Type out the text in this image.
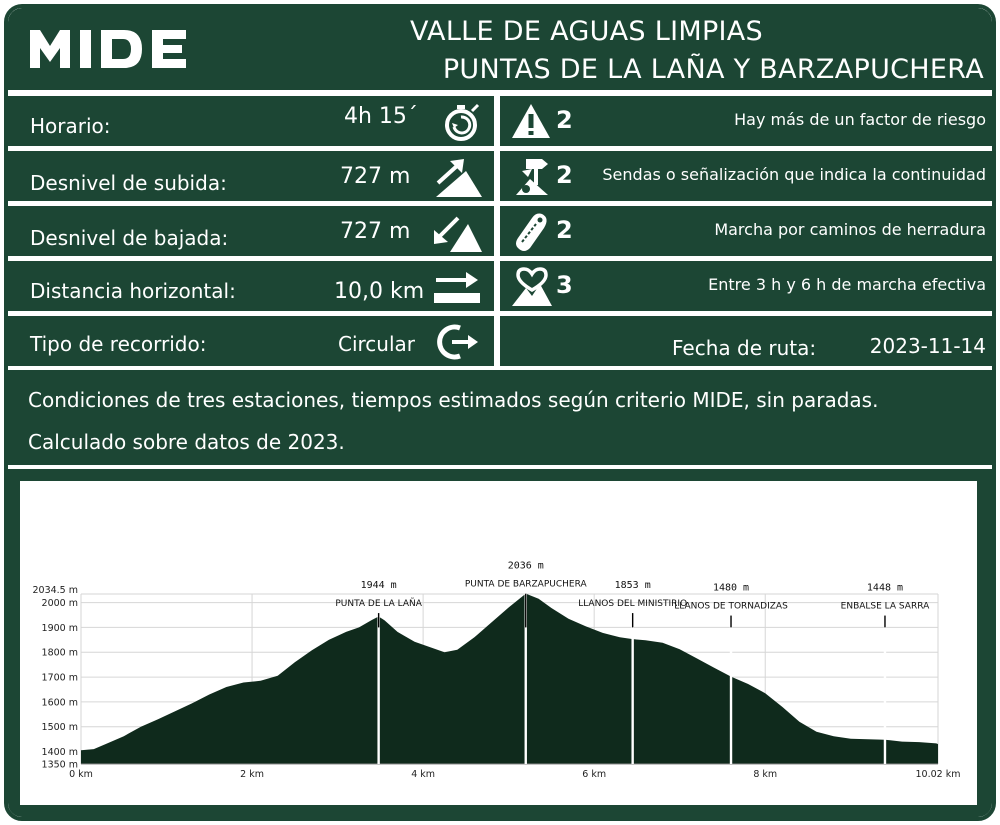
VALLE DE AGUAS LIMPIAS
PUNTAS DE LA LAÑA Y BARZAPUCHERA
Horario:	4h 15´
Desnivel de subida:	727 m
Desnivel de bajada:	727 m
Distancia horizontal:	10,0 km
Tipo de recorrido:	Circular
2	Hay más de un factor de riesgo
2 Sendas o señalización que indica la continuidad
2	Marcha por caminos de herradura
3	Entre 3 h y 6 h de marcha efectiva
Fecha de ruta:	2023-11-14
Condiciones de tres estaciones, tiempos estimados según criterio MIDE, sin paradas.
Calculado sobre datos de 2023.
2034.5 m
2000 m
1900 m
1800 m
1700 m
1600 m
1500 m
1400 m
1350 m
0 km	2 km	4 km	6 km	8 km	10.02 km
1944 m
PUNTA DE LA LAÑA
2036 m
PUNTA DE BARZAPUCHERA	1853 m
LLANOS DEL MINISTIRIO
1480 m
LLANOS DE TORNADIZAS
1448 m
ENBALSE LA SARRA
